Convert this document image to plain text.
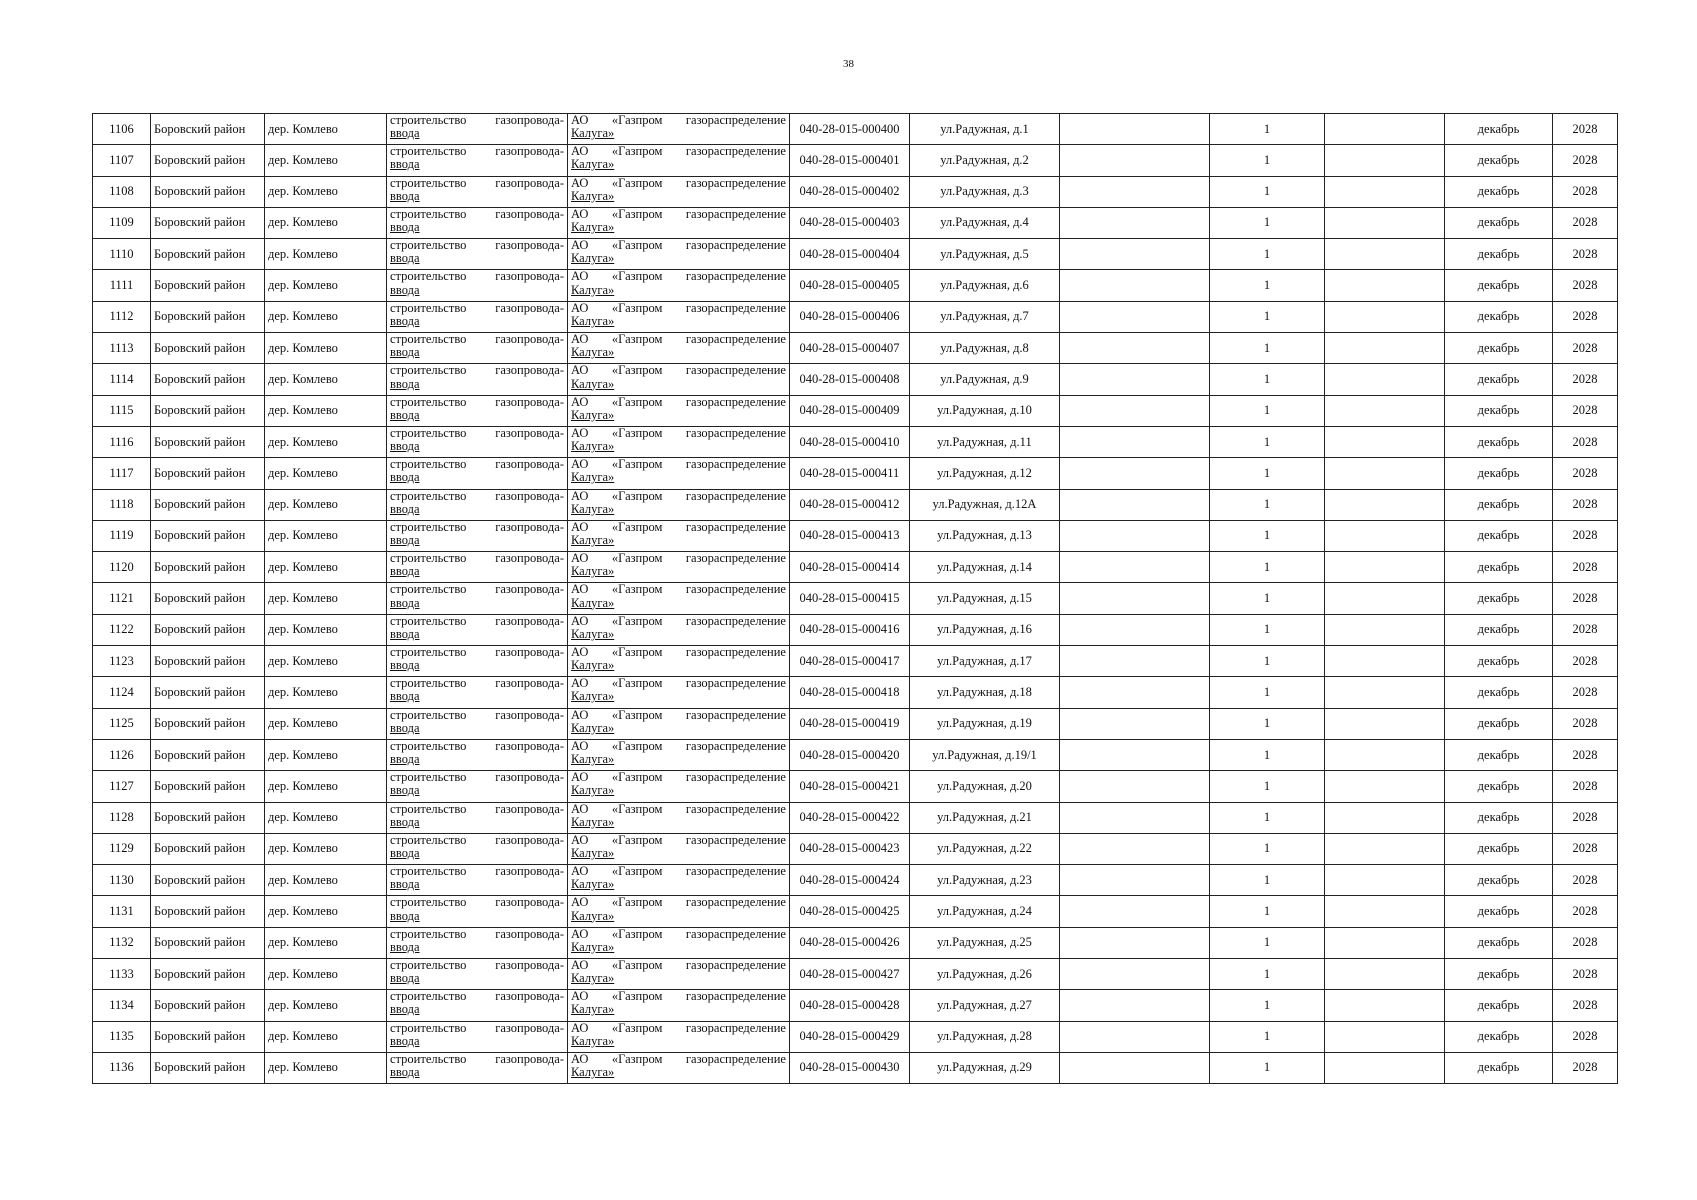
38
1106	Боровский район	дер. Комлево	строительство газопровода-
ввода	АО «Газпром газораспределение
Калуга»	040-28-015-000400	ул.Радужная, д.1		1		декабрь	2028
1107	Боровский район	дер. Комлево	строительство газопровода-
ввода	АО «Газпром газораспределение
Калуга»	040-28-015-000401	ул.Радужная, д.2		1		декабрь	2028
1108	Боровский район	дер. Комлево	строительство газопровода-
ввода	АО «Газпром газораспределение
Калуга»	040-28-015-000402	ул.Радужная, д.3		1		декабрь	2028
1109	Боровский район	дер. Комлево	строительство газопровода-
ввода	АО «Газпром газораспределение
Калуга»	040-28-015-000403	ул.Радужная, д.4		1		декабрь	2028
1110	Боровский район	дер. Комлево	строительство газопровода-
ввода	АО «Газпром газораспределение
Калуга»	040-28-015-000404	ул.Радужная, д.5		1		декабрь	2028
1111	Боровский район	дер. Комлево	строительство газопровода-
ввода	АО «Газпром газораспределение
Калуга»	040-28-015-000405	ул.Радужная, д.6		1		декабрь	2028
1112	Боровский район	дер. Комлево	строительство газопровода-
ввода	АО «Газпром газораспределение
Калуга»	040-28-015-000406	ул.Радужная, д.7		1		декабрь	2028
1113	Боровский район	дер. Комлево	строительство газопровода-
ввода	АО «Газпром газораспределение
Калуга»	040-28-015-000407	ул.Радужная, д.8		1		декабрь	2028
1114	Боровский район	дер. Комлево	строительство газопровода-
ввода	АО «Газпром газораспределение
Калуга»	040-28-015-000408	ул.Радужная, д.9		1		декабрь	2028
1115	Боровский район	дер. Комлево	строительство газопровода-
ввода	АО «Газпром газораспределение
Калуга»	040-28-015-000409	ул.Радужная, д.10		1		декабрь	2028
1116	Боровский район	дер. Комлево	строительство газопровода-
ввода	АО «Газпром газораспределение
Калуга»	040-28-015-000410	ул.Радужная, д.11		1		декабрь	2028
1117	Боровский район	дер. Комлево	строительство газопровода-
ввода	АО «Газпром газораспределение
Калуга»	040-28-015-000411	ул.Радужная, д.12		1		декабрь	2028
1118	Боровский район	дер. Комлево	строительство газопровода-
ввода	АО «Газпром газораспределение
Калуга»	040-28-015-000412	ул.Радужная, д.12А		1		декабрь	2028
1119	Боровский район	дер. Комлево	строительство газопровода-
ввода	АО «Газпром газораспределение
Калуга»	040-28-015-000413	ул.Радужная, д.13		1		декабрь	2028
1120	Боровский район	дер. Комлево	строительство газопровода-
ввода	АО «Газпром газораспределение
Калуга»	040-28-015-000414	ул.Радужная, д.14		1		декабрь	2028
1121	Боровский район	дер. Комлево	строительство газопровода-
ввода	АО «Газпром газораспределение
Калуга»	040-28-015-000415	ул.Радужная, д.15		1		декабрь	2028
1122	Боровский район	дер. Комлево	строительство газопровода-
ввода	АО «Газпром газораспределение
Калуга»	040-28-015-000416	ул.Радужная, д.16		1		декабрь	2028
1123	Боровский район	дер. Комлево	строительство газопровода-
ввода	АО «Газпром газораспределение
Калуга»	040-28-015-000417	ул.Радужная, д.17		1		декабрь	2028
1124	Боровский район	дер. Комлево	строительство газопровода-
ввода	АО «Газпром газораспределение
Калуга»	040-28-015-000418	ул.Радужная, д.18		1		декабрь	2028
1125	Боровский район	дер. Комлево	строительство газопровода-
ввода	АО «Газпром газораспределение
Калуга»	040-28-015-000419	ул.Радужная, д.19		1		декабрь	2028
1126	Боровский район	дер. Комлево	строительство газопровода-
ввода	АО «Газпром газораспределение
Калуга»	040-28-015-000420	ул.Радужная, д.19/1		1		декабрь	2028
1127	Боровский район	дер. Комлево	строительство газопровода-
ввода	АО «Газпром газораспределение
Калуга»	040-28-015-000421	ул.Радужная, д.20		1		декабрь	2028
1128	Боровский район	дер. Комлево	строительство газопровода-
ввода	АО «Газпром газораспределение
Калуга»	040-28-015-000422	ул.Радужная, д.21		1		декабрь	2028
1129	Боровский район	дер. Комлево	строительство газопровода-
ввода	АО «Газпром газораспределение
Калуга»	040-28-015-000423	ул.Радужная, д.22		1		декабрь	2028
1130	Боровский район	дер. Комлево	строительство газопровода-
ввода	АО «Газпром газораспределение
Калуга»	040-28-015-000424	ул.Радужная, д.23		1		декабрь	2028
1131	Боровский район	дер. Комлево	строительство газопровода-
ввода	АО «Газпром газораспределение
Калуга»	040-28-015-000425	ул.Радужная, д.24		1		декабрь	2028
1132	Боровский район	дер. Комлево	строительство газопровода-
ввода	АО «Газпром газораспределение
Калуга»	040-28-015-000426	ул.Радужная, д.25		1		декабрь	2028
1133	Боровский район	дер. Комлево	строительство газопровода-
ввода	АО «Газпром газораспределение
Калуга»	040-28-015-000427	ул.Радужная, д.26		1		декабрь	2028
1134	Боровский район	дер. Комлево	строительство газопровода-
ввода	АО «Газпром газораспределение
Калуга»	040-28-015-000428	ул.Радужная, д.27		1		декабрь	2028
1135	Боровский район	дер. Комлево	строительство газопровода-
ввода	АО «Газпром газораспределение
Калуга»	040-28-015-000429	ул.Радужная, д.28		1		декабрь	2028
1136	Боровский район	дер. Комлево	строительство газопровода-
ввода	АО «Газпром газораспределение
Калуга»	040-28-015-000430	ул.Радужная, д.29		1		декабрь	2028
